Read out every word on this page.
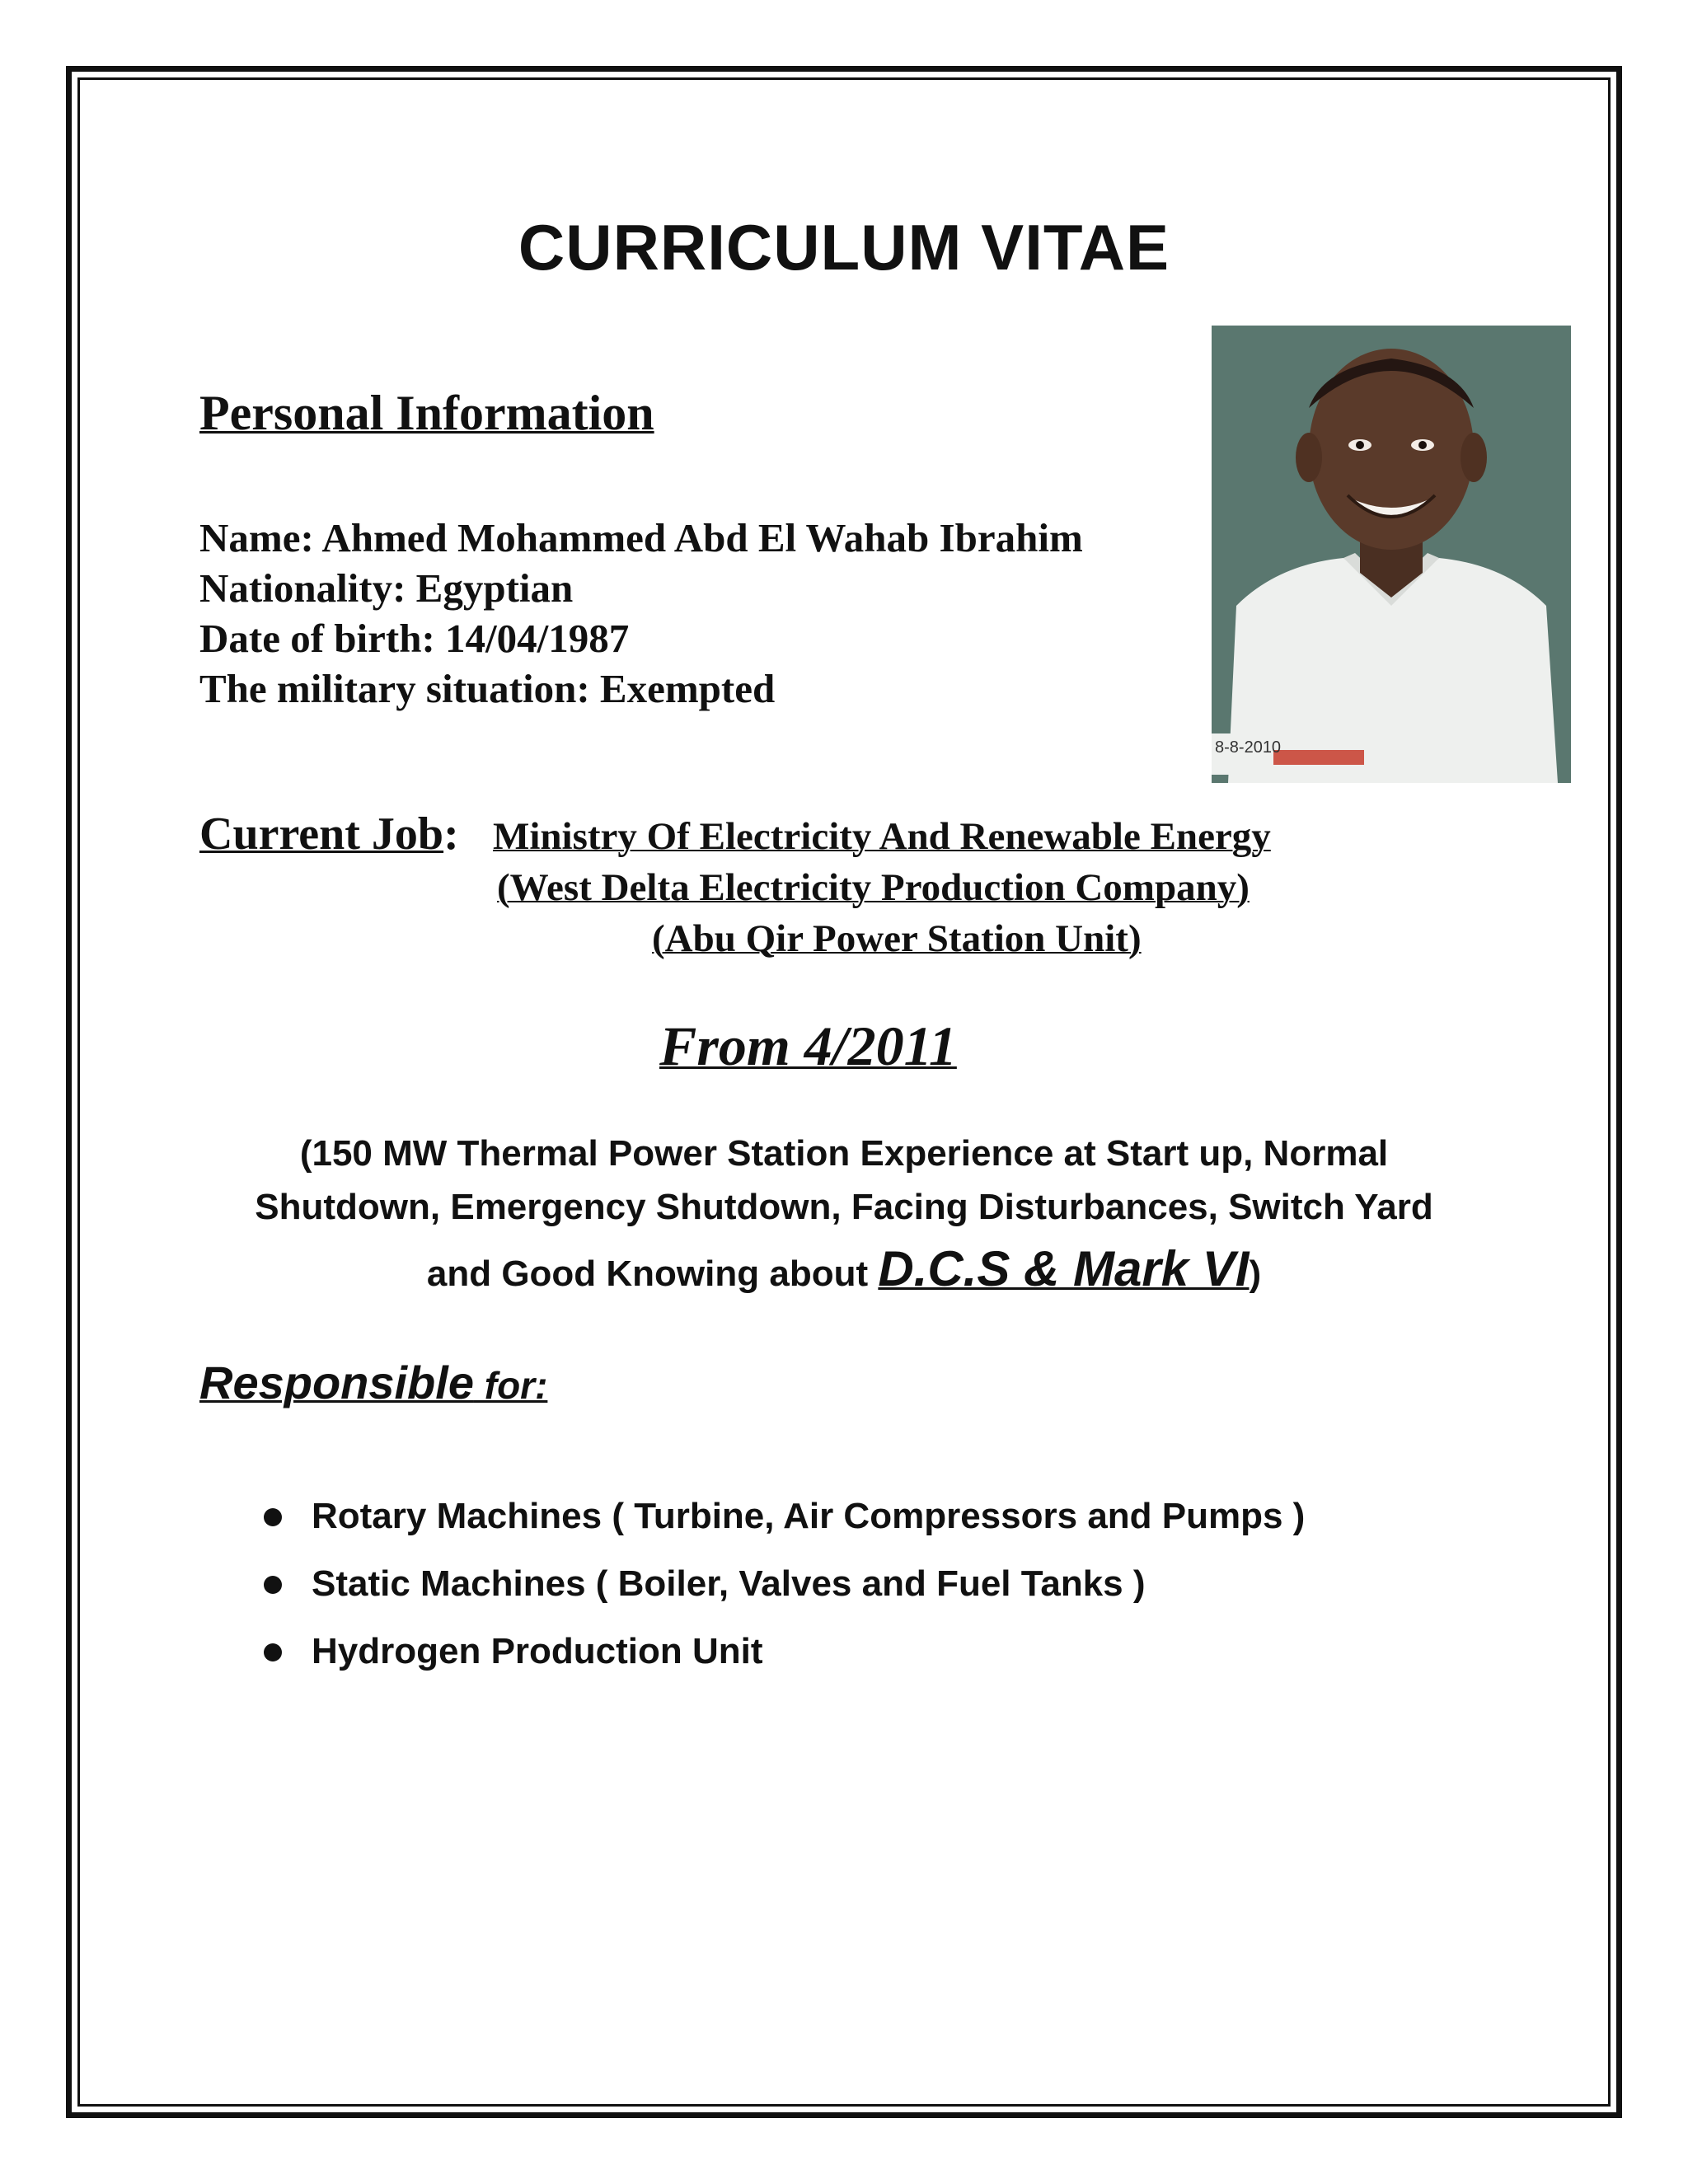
CURRICULUM VITAE
Personal Information
Name: Ahmed Mohammed Abd El Wahab Ibrahim
Nationality: Egyptian
Date of birth: 14/04/1987
The military situation: Exempted
8-8-2010
Current Job: Ministry Of Electricity And Renewable Energy
(West Delta Electricity Production Company)
(Abu Qir Power Station Unit)
From 4/2011
(150 MW Thermal Power Station Experience at Start up, Normal
Shutdown, Emergency Shutdown, Facing Disturbances, Switch Yard
and Good Knowing about D.C.S & Mark VI)
Responsible for:
Rotary Machines ( Turbine, Air Compressors and Pumps )
Static Machines ( Boiler, Valves and Fuel Tanks )
Hydrogen Production Unit
